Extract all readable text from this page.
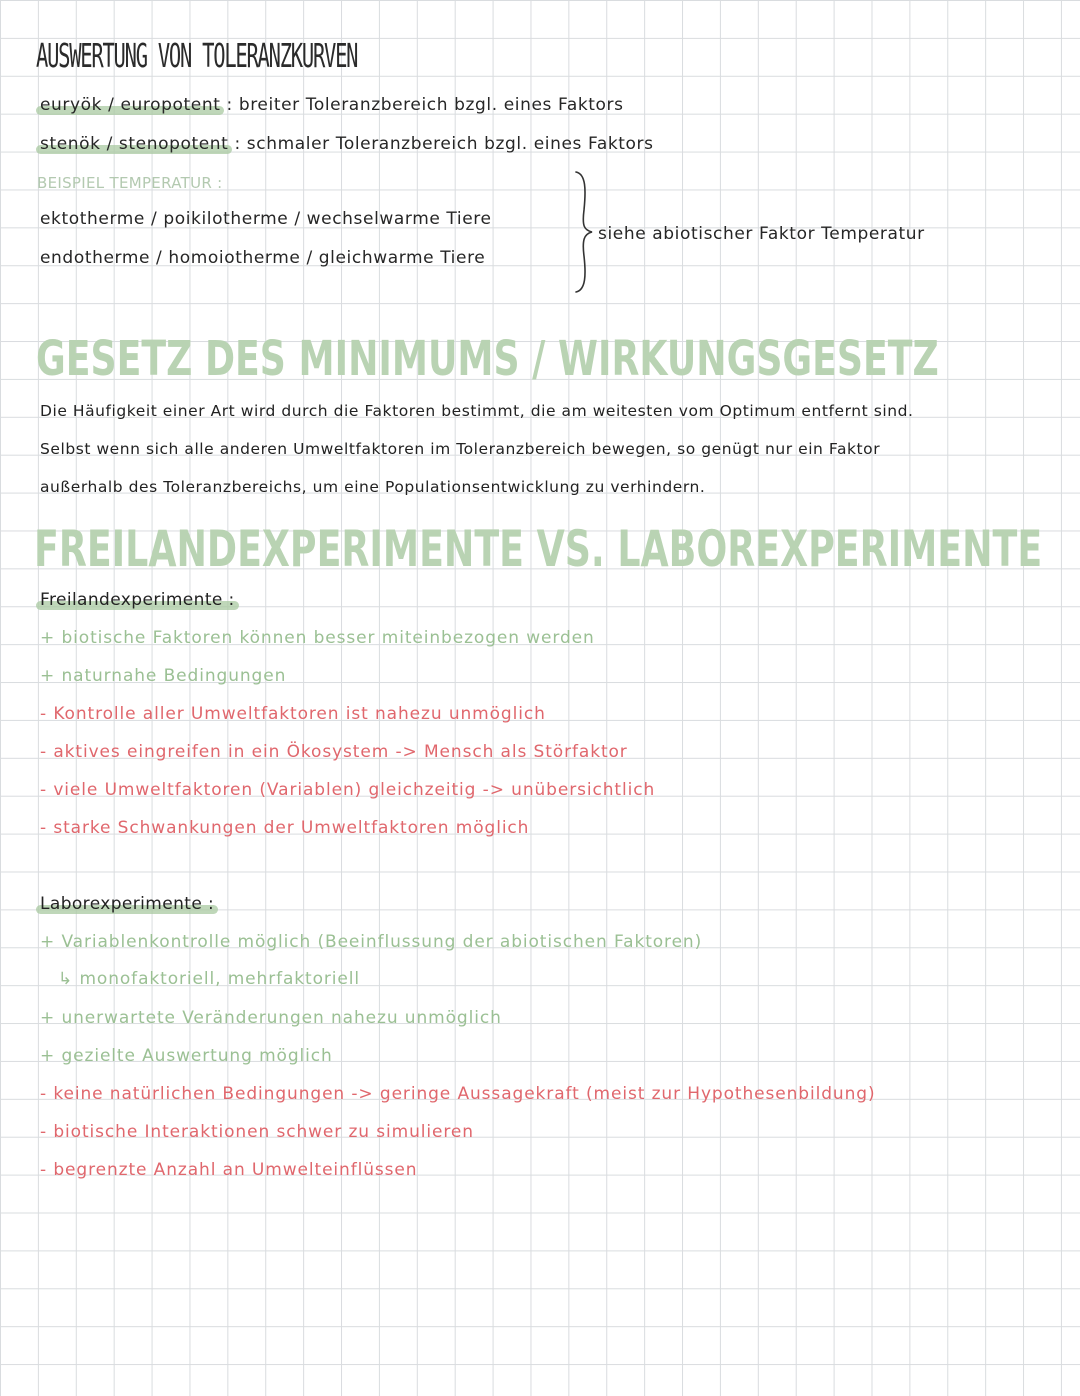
AUSWERTUNG VON TOLERANZKURVEN
euryök / europotent : breiter Toleranzbereich bzgl. eines Faktors
stenök / stenopotent : schmaler Toleranzbereich bzgl. eines Faktors
BEISPIEL TEMPERATUR :
ektotherme / poikilotherme / wechselwarme Tiere
endotherme / homoiotherme / gleichwarme Tiere
siehe abiotischer Faktor Temperatur
GESETZ DES MINIMUMS / WIRKUNGSGESETZ
Die Häufigkeit einer Art wird durch die Faktoren bestimmt, die am weitesten vom Optimum entfernt sind.
Selbst wenn sich alle anderen Umweltfaktoren im Toleranzbereich bewegen, so genügt nur ein Faktor
außerhalb des Toleranzbereichs, um eine Populationsentwicklung zu verhindern.
FREILANDEXPERIMENTE VS. LABOREXPERIMENTE
Freilandexperimente :
+ biotische Faktoren können besser miteinbezogen werden
+ naturnahe Bedingungen
- Kontrolle aller Umweltfaktoren ist nahezu unmöglich
- aktives eingreifen in ein Ökosystem -> Mensch als Störfaktor
- viele Umweltfaktoren (Variablen) gleichzeitig -> unübersichtlich
- starke Schwankungen der Umweltfaktoren möglich
Laborexperimente :
+ Variablenkontrolle möglich (Beeinflussung der abiotischen Faktoren)
↳ monofaktoriell, mehrfaktoriell
+ unerwartete Veränderungen nahezu unmöglich
+ gezielte Auswertung möglich
- keine natürlichen Bedingungen -> geringe Aussagekraft (meist zur Hypothesenbildung)
- biotische Interaktionen schwer zu simulieren
- begrenzte Anzahl an Umwelteinflüssen
